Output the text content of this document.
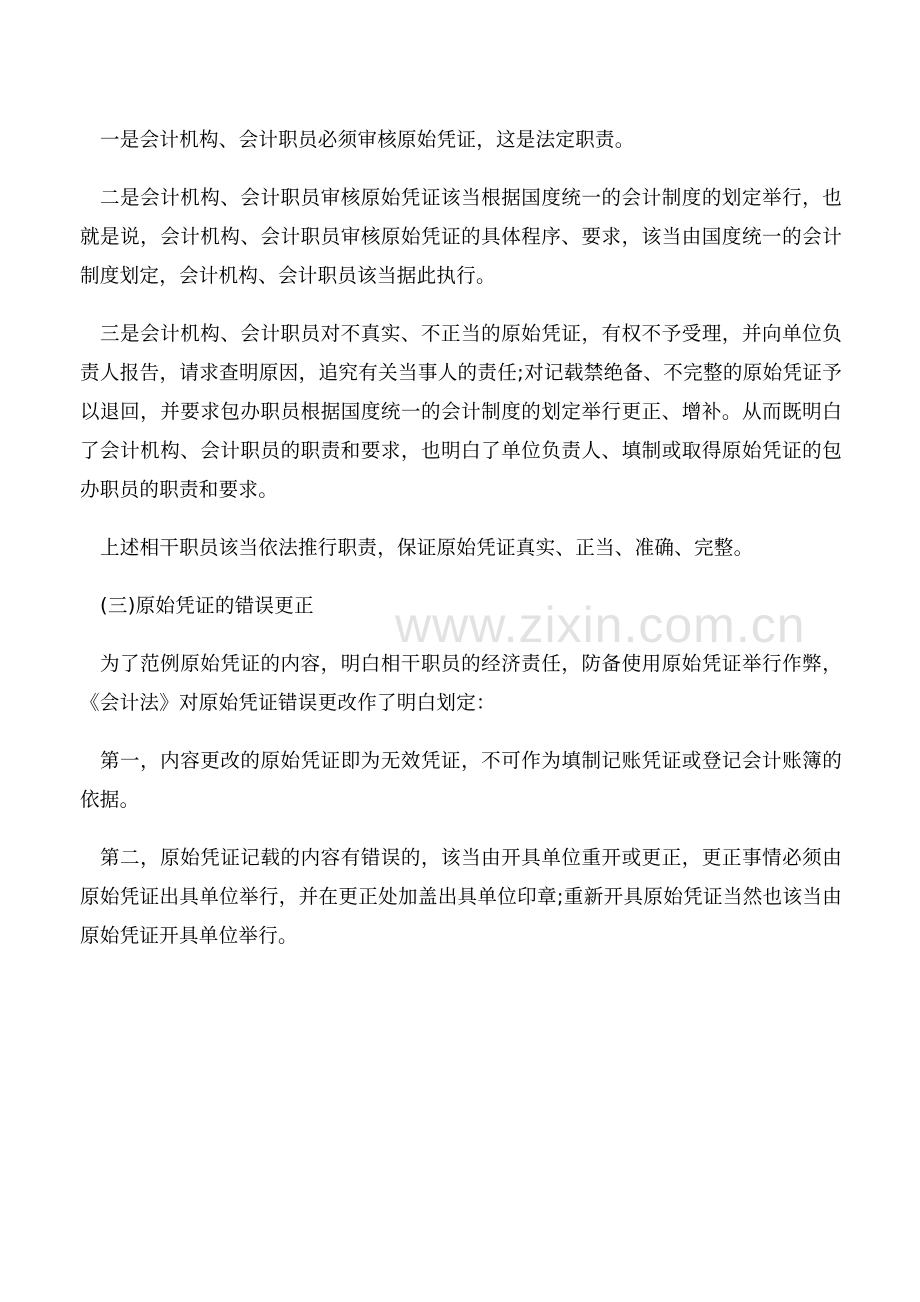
一是会计机构、会计职员必须审核原始凭证，这是法定职责。

二是会计机构、会计职员审核原始凭证该当根据国度统一的会计制度的划定举行，也就是说，会计机构、会计职员审核原始凭证的具体程序、要求，该当由国度统一的会计制度划定，会计机构、会计职员该当据此执行。

三是会计机构、会计职员对不真实、不正当的原始凭证，有权不予受理，并向单位负责人报告，请求查明原因，追究有关当事人的责任;对记载禁绝备、不完整的原始凭证予以退回，并要求包办职员根据国度统一的会计制度的划定举行更正、增补。从而既明白了会计机构、会计职员的职责和要求，也明白了单位负责人、填制或取得原始凭证的包办职员的职责和要求。

上述相干职员该当依法推行职责，保证原始凭证真实、正当、准确、完整。

(三)原始凭证的错误更正

为了范例原始凭证的内容，明白相干职员的经济责任，防备使用原始凭证举行作弊，《会计法》对原始凭证错误更改作了明白划定：

第一，内容更改的原始凭证即为无效凭证，不可作为填制记账凭证或登记会计账簿的依据。

第二，原始凭证记载的内容有错误的，该当由开具单位重开或更正，更正事情必须由原始凭证出具单位举行，并在更正处加盖出具单位印章;重新开具原始凭证当然也该当由原始凭证开具单位举行。

www.zixin.com.cn
